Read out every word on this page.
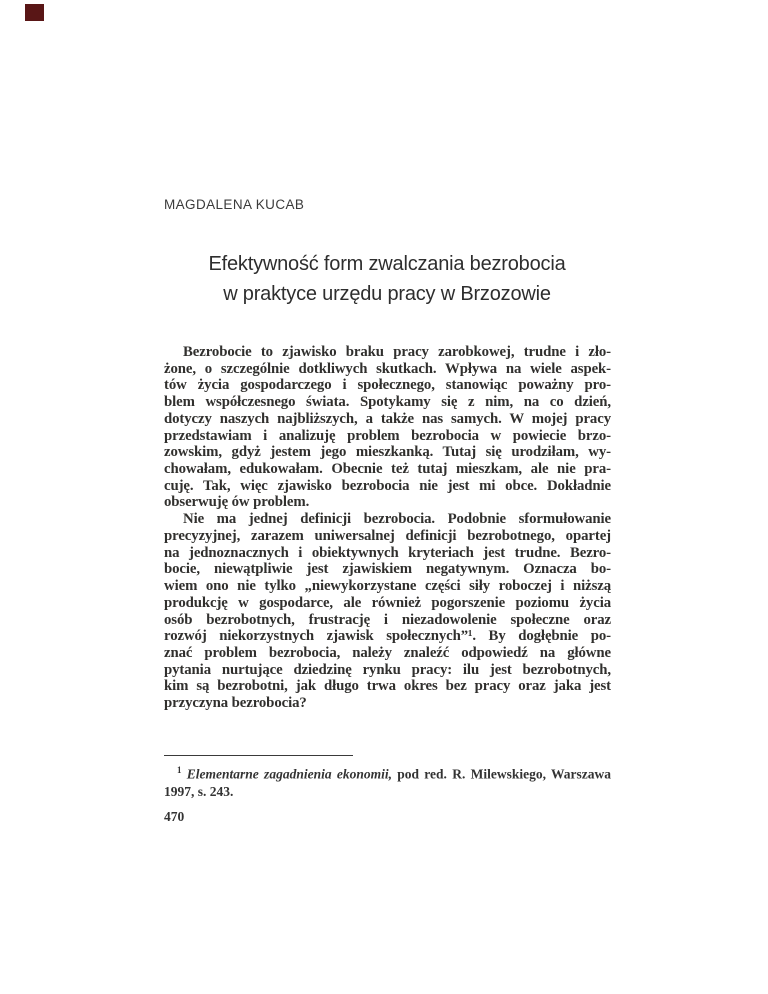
MAGDALENA KUCAB
Efektywność form zwalczania bezrobocia
w praktyce urzędu pracy w Brzozowie
Bezrobocie to zjawisko braku pracy zarobkowej, trudne i zło-
żone, o szczególnie dotkliwych skutkach. Wpływa na wiele aspek-
tów życia gospodarczego i społecznego, stanowiąc poważny pro-
blem współczesnego świata. Spotykamy się z nim, na co dzień,
dotyczy naszych najbliższych, a także nas samych. W mojej pracy
przedstawiam i analizuję problem bezrobocia w powiecie brzo-
zowskim, gdyż jestem jego mieszkanką. Tutaj się urodziłam, wy-
chowałam, edukowałam. Obecnie też tutaj mieszkam, ale nie pra-
cuję. Tak, więc zjawisko bezrobocia nie jest mi obce. Dokładnie
obserwuję ów problem.
Nie ma jednej definicji bezrobocia. Podobnie sformułowanie
precyzyjnej, zarazem uniwersalnej definicji bezrobotnego, opartej
na jednoznacznych i obiektywnych kryteriach jest trudne. Bezro-
bocie, niewątpliwie jest zjawiskiem negatywnym. Oznacza bo-
wiem ono nie tylko „niewykorzystane części siły roboczej i niższą
produkcję w gospodarce, ale również pogorszenie poziomu życia
osób bezrobotnych, frustrację i niezadowolenie społeczne oraz
rozwój niekorzystnych zjawisk społecznych”¹. By dogłębnie po-
znać problem bezrobocia, należy znaleźć odpowiedź na główne
pytania nurtujące dziedzinę rynku pracy: ilu jest bezrobotnych,
kim są bezrobotni, jak długo trwa okres bez pracy oraz jaka jest
przyczyna bezrobocia?
$^1$ Elementarne zagadnienia ekonomii, pod red. R. Milewskiego, Warszawa
1997, s. 243.
470
